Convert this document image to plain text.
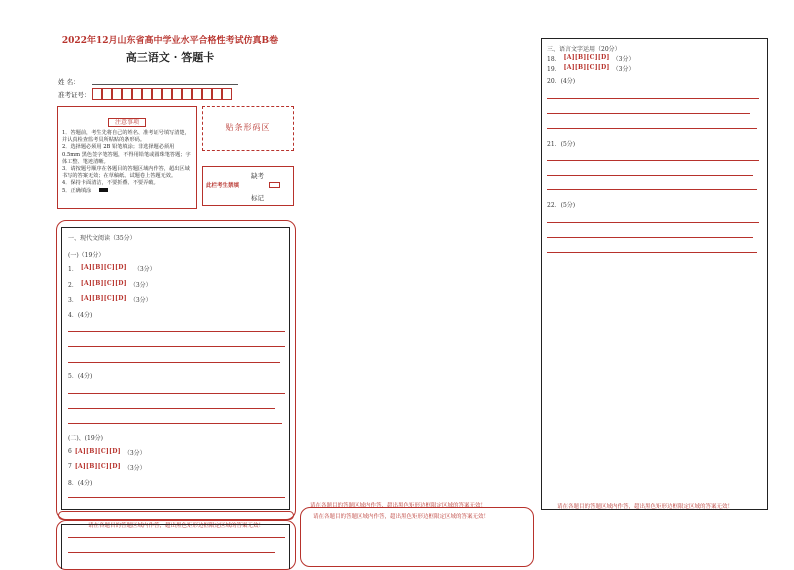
2022年12月山东省高中学业水平合格性考试仿真B卷
高三语文 · 答题卡
姓 名：
准考证号：
注意事项

1．答题前，考生先将自己的姓名、准考证号填写清楚，并认真检查监考员所粘贴的条形码。

2．选择题必须用 2B 铅笔填涂；非选择题必须用 0.5mm 黑色签字笔答题，不得用铅笔或圆珠笔答题；字体工整、笔迹清晰。

3．请按题号顺序在各题目的答题区域内作答，超出区域书写的答案无效；在草稿纸、试题卷上答题无效。

4．保持卡面清洁，不要折叠、不要弄破。

5．正确填涂

贴条形码区
此栏考生禁填
缺考
标记
一、现代文阅读（35分）
(一)（19分）
1． [A][B][C][D] （3分）
2． [A][B][C][D] （3分）
3． [A][B][C][D] （3分）
4．(4分)
5．(4分)
(二)、(19分)
6 [A][B][C][D] （3分）
7 [A][B][C][D] （3分）
8．(4分)
请在各题目的答题区域内作答，超出黑色矩形边框限定区域的答案无效！
请在各题目的答题区域内作答，超出黑色矩形边框限定区域的答案无效！
请在各题目的答题区域内作答，超出黑色矩形边框限定区域的答案无效！
三、语言文字运用（20分）
18． [A][B][C][D] （3分）
19． [A][B][C][D] （3分）
20．(4分)
21．(5分)
22．(5分)
请在各题目的答题区域内作答，超出黑色矩形边框限定区域的答案无效！
